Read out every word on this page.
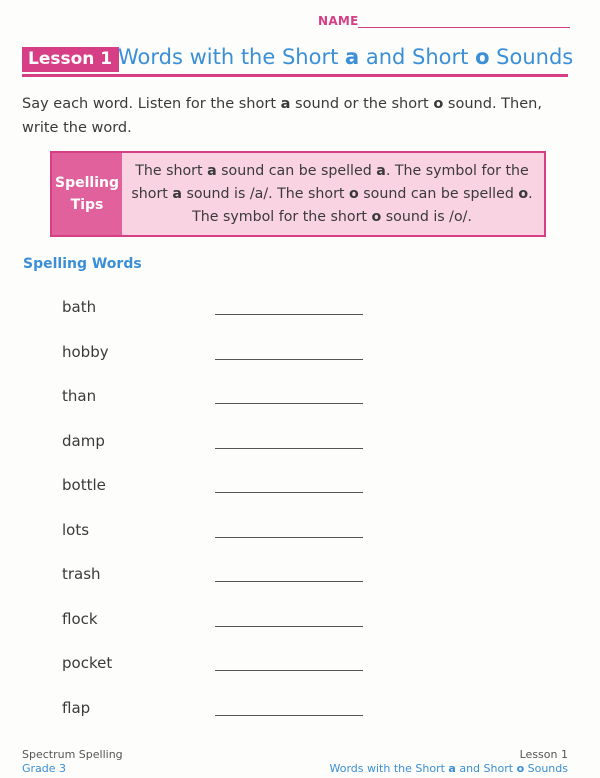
NAME
Lesson 1 Words with the Short a and Short o Sounds
Say each word. Listen for the short a sound or the short o sound. Then, write the word.
Spelling
Tips
The short a sound can be spelled a. The symbol for the short a sound is /a/. The short o sound can be spelled o. The symbol for the short o sound is /o/.
Spelling Words
bath
hobby
than
damp
bottle
lots
trash
flock
pocket
flap
Spectrum Spelling
Grade 3
Lesson 1
Words with the Short a and Short o Sounds
